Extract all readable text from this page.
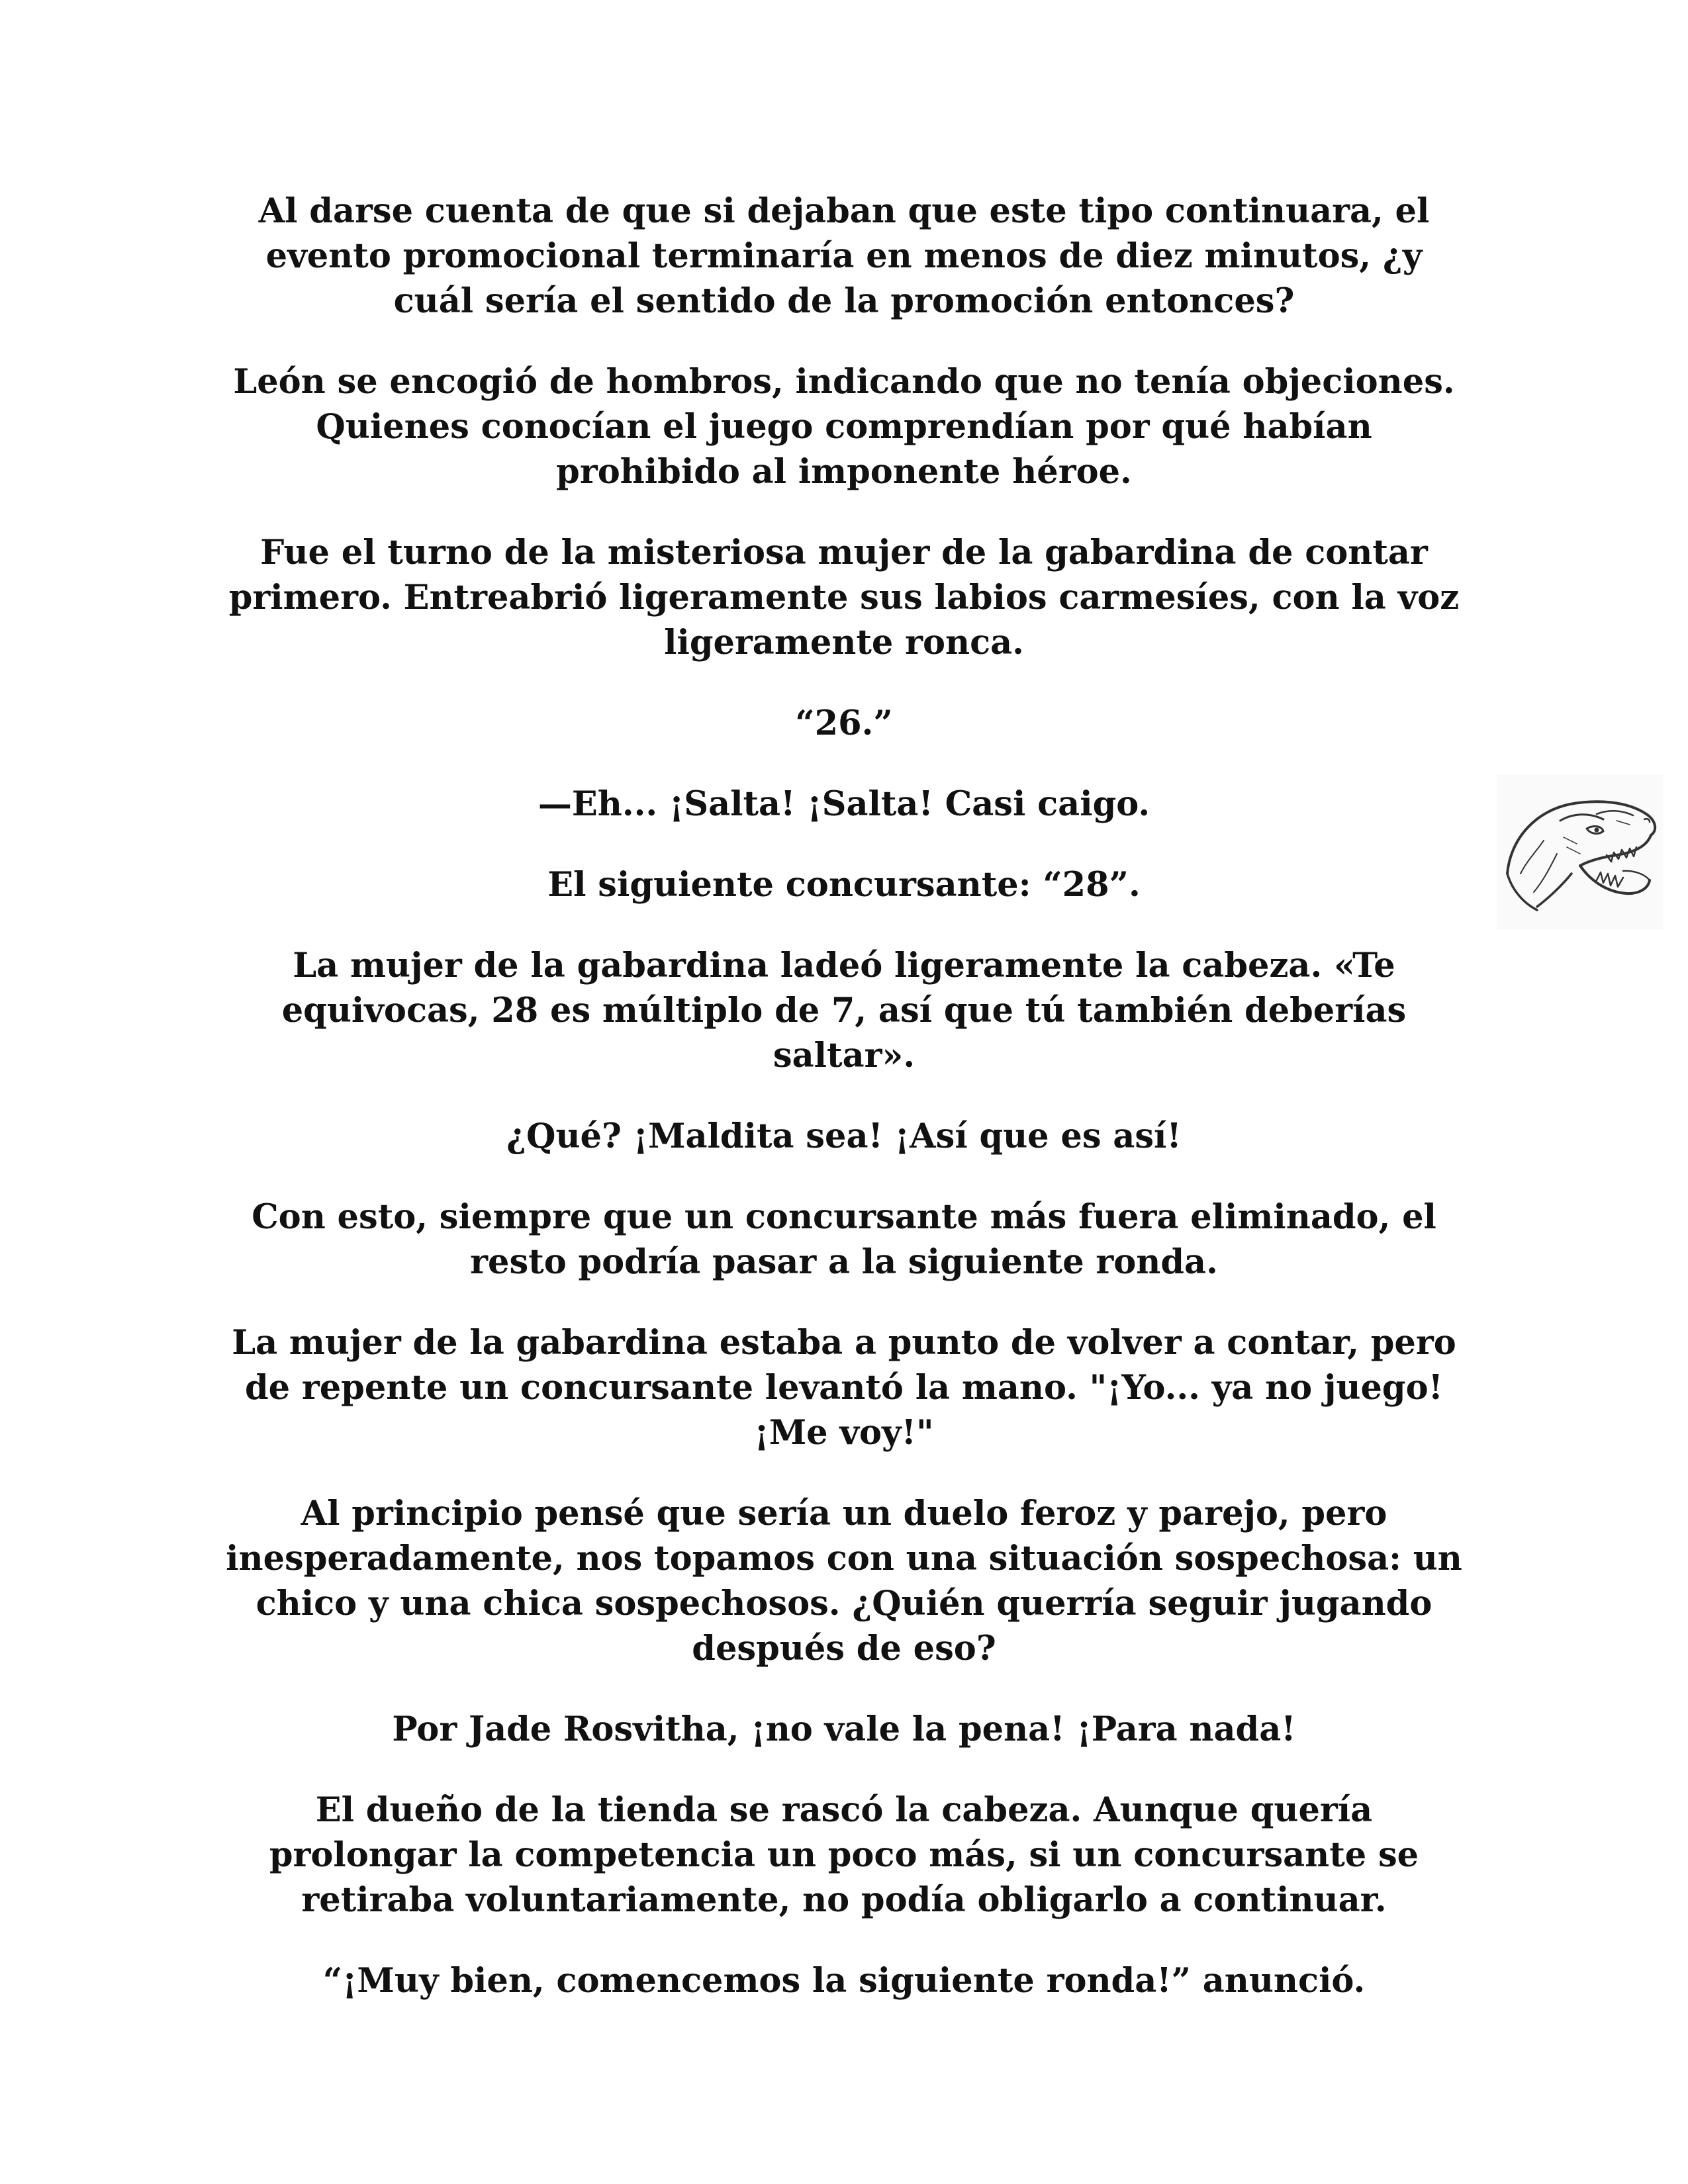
Al darse cuenta de que si dejaban que este tipo continuara, el evento promocional terminaría en menos de diez minutos, ¿y cuál sería el sentido de la promoción entonces?

León se encogió de hombros, indicando que no tenía objeciones. Quienes conocían el juego comprendían por qué habían prohibido al imponente héroe.

Fue el turno de la misteriosa mujer de la gabardina de contar primero. Entreabrió ligeramente sus labios carmesíes, con la voz ligeramente ronca.

“26.”

—Eh... ¡Salta! ¡Salta! Casi caigo.

El siguiente concursante: “28”.

La mujer de la gabardina ladeó ligeramente la cabeza. «Te equivocas, 28 es múltiplo de 7, así que tú también deberías saltar».

¿Qué? ¡Maldita sea! ¡Así que es así!

Con esto, siempre que un concursante más fuera eliminado, el resto podría pasar a la siguiente ronda.

La mujer de la gabardina estaba a punto de volver a contar, pero de repente un concursante levantó la mano. "¡Yo... ya no juego! ¡Me voy!"

Al principio pensé que sería un duelo feroz y parejo, pero inesperadamente, nos topamos con una situación sospechosa: un chico y una chica sospechosos. ¿Quién querría seguir jugando después de eso?

Por Jade Rosvitha, ¡no vale la pena! ¡Para nada!

El dueño de la tienda se rascó la cabeza. Aunque quería prolongar la competencia un poco más, si un concursante se retiraba voluntariamente, no podía obligarlo a continuar.

“¡Muy bien, comencemos la siguiente ronda!” anunció.
